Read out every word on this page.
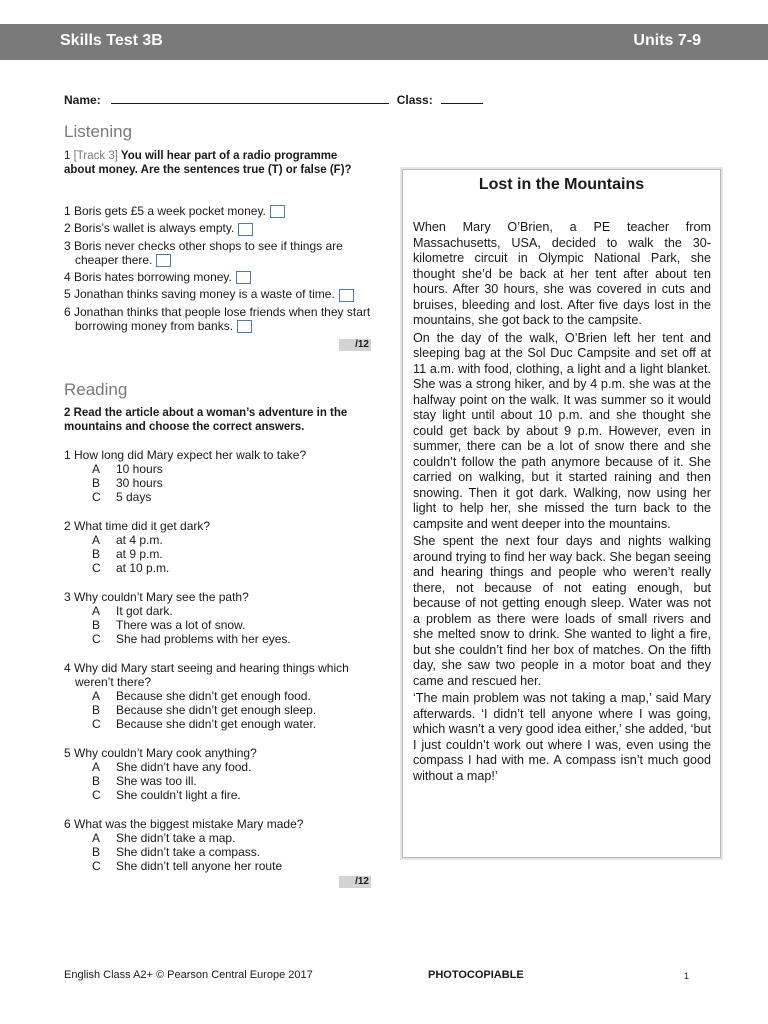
Skills Test 3B	Units 7-9
Name:	Class:
Listening
1 [Track 3] You will hear part of a radio programme about money. Are the sentences true (T) or false (F)?
1 Boris gets £5 a week pocket money.
2 Boris’s wallet is always empty.
3 Boris never checks other shops to see if things are cheaper there.
4 Boris hates borrowing money.
5 Jonathan thinks saving money is a waste of time.
6 Jonathan thinks that people lose friends when they start borrowing money from banks.
/12
Reading
2 Read the article about a woman’s adventure in the mountains and choose the correct answers.
1 How long did Mary expect her walk to take?
A 10 hours
B 30 hours
C 5 days
2 What time did it get dark?
A at 4 p.m.
B at 9 p.m.
C at 10 p.m.
3 Why couldn’t Mary see the path?
A It got dark.
B There was a lot of snow.
C She had problems with her eyes.
4 Why did Mary start seeing and hearing things which weren’t there?
A Because she didn’t get enough food.
B Because she didn’t get enough sleep.
C Because she didn’t get enough water.
5 Why couldn’t Mary cook anything?
A She didn’t have any food.
B She was too ill.
C She couldn’t light a fire.
6 What was the biggest mistake Mary made?
A She didn’t take a map.
B She didn’t take a compass.
C She didn’t tell anyone her route
/12
Lost in the Mountains

When Mary O’Brien, a PE teacher from Massachusetts, USA, decided to walk the 30-kilometre circuit in Olympic National Park, she thought she’d be back at her tent after about ten hours. After 30 hours, she was covered in cuts and bruises, bleeding and lost. After five days lost in the mountains, she got back to the campsite.

On the day of the walk, O’Brien left her tent and sleeping bag at the Sol Duc Campsite and set off at 11 a.m. with food, clothing, a light and a light blanket. She was a strong hiker, and by 4 p.m. she was at the halfway point on the walk. It was summer so it would stay light until about 10 p.m. and she thought she could get back by about 9 p.m. However, even in summer, there can be a lot of snow there and she couldn’t follow the path anymore because of it. She carried on walking, but it started raining and then snowing. Then it got dark. Walking, now using her light to help her, she missed the turn back to the campsite and went deeper into the mountains.

She spent the next four days and nights walking around trying to find her way back. She began seeing and hearing things and people who weren’t really there, not because of not eating enough, but because of not getting enough sleep. Water was not a problem as there were loads of small rivers and she melted snow to drink. She wanted to light a fire, but she couldn’t find her box of matches. On the fifth day, she saw two people in a motor boat and they came and rescued her.

‘The main problem was not taking a map,’ said Mary afterwards. ‘I didn’t tell anyone where I was going, which wasn’t a very good idea either,’ she added, ‘but I just couldn’t work out where I was, even using the compass I had with me. A compass isn’t much good without a map!’

English Class A2+ © Pearson Central Europe 2017	PHOTOCOPIABLE	1
